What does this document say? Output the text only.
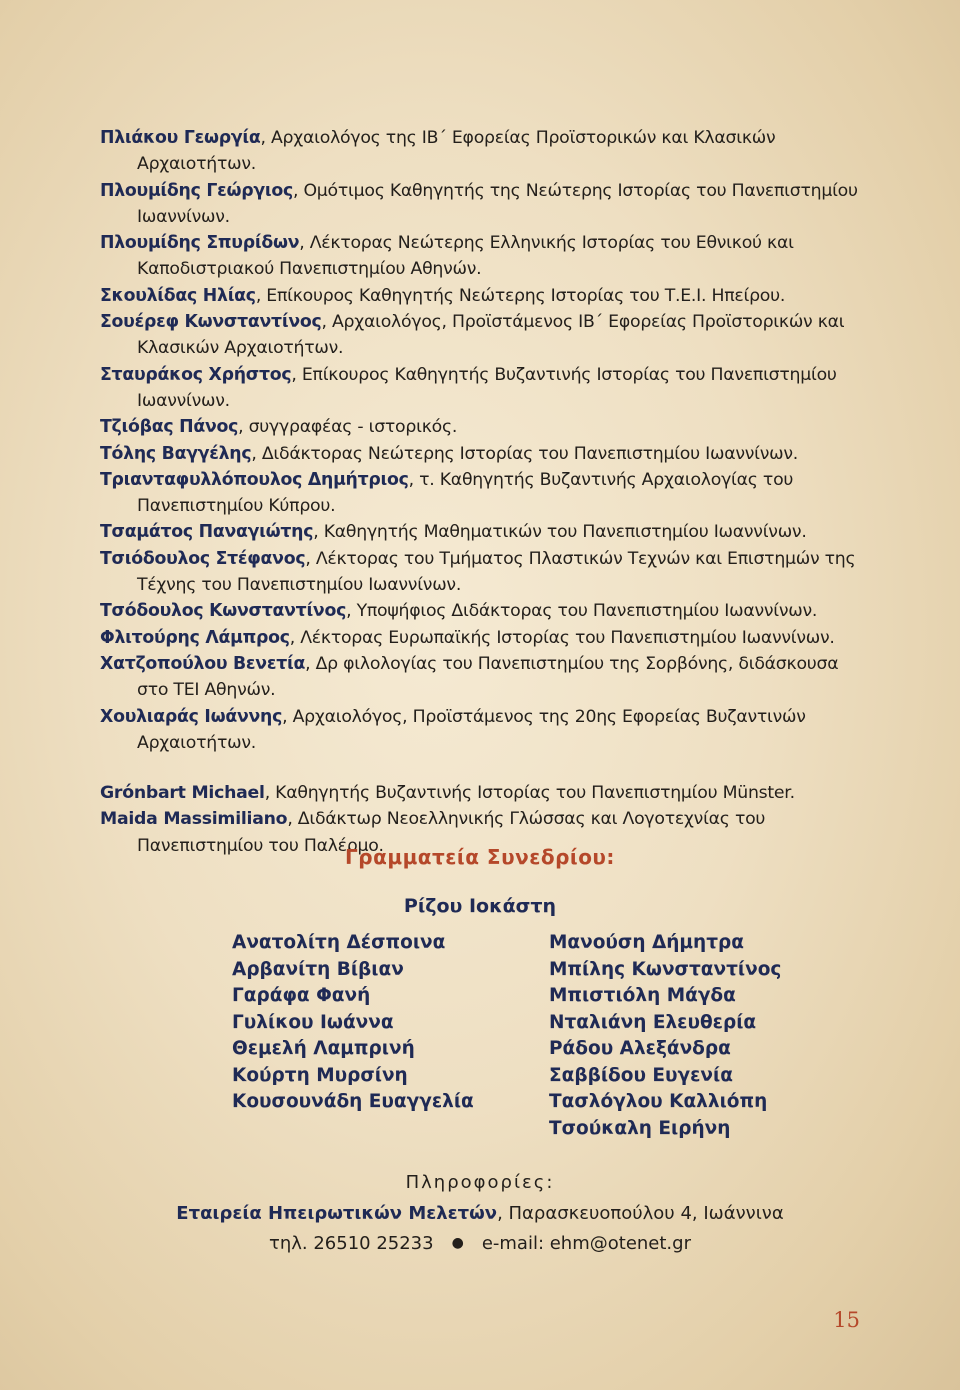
Πλιάκου Γεωργία, Αρχαιολόγος της ΙΒ΄ Εφορείας Προϊστορικών και Κλασικών Αρχαιοτήτων.
Πλουμίδης Γεώργιος, Ομότιμος Καθηγητής της Νεώτερης Ιστορίας του Πανεπιστημίου Ιωαννίνων.
Πλουμίδης Σπυρίδων, Λέκτορας Νεώτερης Ελληνικής Ιστορίας του Εθνικού και Καποδιστριακού Πανεπιστημίου Αθηνών.
Σκουλίδας Ηλίας, Επίκουρος Καθηγητής Νεώτερης Ιστορίας του Τ.Ε.Ι. Ηπείρου.
Σουέρεφ Κωνσταντίνος, Αρχαιολόγος, Προϊστάμενος ΙΒ΄ Εφορείας Προϊστορικών και Κλασικών Αρχαιοτήτων.
Σταυράκος Χρήστος, Επίκουρος Καθηγητής Βυζαντινής Ιστορίας του Πανεπιστημίου Ιωαννίνων.
Τζιόβας Πάνος, συγγραφέας - ιστορικός.
Τόλης Βαγγέλης, Διδάκτορας Νεώτερης Ιστορίας του Πανεπιστημίου Ιωαννίνων.
Τριανταφυλλόπουλος Δημήτριος, τ. Καθηγητής Βυζαντινής Αρχαιολογίας του Πανεπιστημίου Κύπρου.
Τσαμάτος Παναγιώτης, Καθηγητής Μαθηματικών του Πανεπιστημίου Ιωαννίνων.
Τσιόδουλος Στέφανος, Λέκτορας του Τμήματος Πλαστικών Τεχνών και Επιστημών της Τέχνης του Πανεπιστημίου Ιωαννίνων.
Τσόδουλος Κωνσταντίνος, Υποψήφιος Διδάκτορας του Πανεπιστημίου Ιωαννίνων.
Φλιτούρης Λάμπρος, Λέκτορας Ευρωπαϊκής Ιστορίας του Πανεπιστημίου Ιωαννίνων.
Χατζοπούλου Βενετία, Δρ φιλολογίας του Πανεπιστημίου της Σορβόνης, διδάσκουσα στο ΤΕΙ Αθηνών.
Χουλιαράς Ιωάννης, Αρχαιολόγος, Προϊστάμενος της 20ης Εφορείας Βυζαντινών Αρχαιοτήτων.
Grόnbart Michael, Καθηγητής Βυζαντινής Ιστορίας του Πανεπιστημίου Münster.
Maida Massimiliano, Διδάκτωρ Νεοελληνικής Γλώσσας και Λογοτεχνίας του Πανεπιστημίου του Παλέρμο.
Γραμματεία Συνεδρίου:
Ρίζου Ιοκάστη
Ανατολίτη Δέσποινα
Αρβανίτη Βίβιαν
Γαράφα Φανή
Γυλίκου Ιωάννα
Θεμελή Λαμπρινή
Κούρτη Μυρσίνη
Κουσουνάδη Ευαγγελία
Μανούση Δήμητρα
Μπίλης Κωνσταντίνος
Μπιστιόλη Μάγδα
Νταλιάνη Ελευθερία
Ράδου Αλεξάνδρα
Σαββίδου Ευγενία
Τασλόγλου Καλλιόπη
Τσούκαλη Ειρήνη
Πληροφορίες:
Εταιρεία Ηπειρωτικών Μελετών, Παρασκευοπούλου 4, Ιωάννινα
τηλ. 26510 25233 ● e-mail: ehm@otenet.gr
15
